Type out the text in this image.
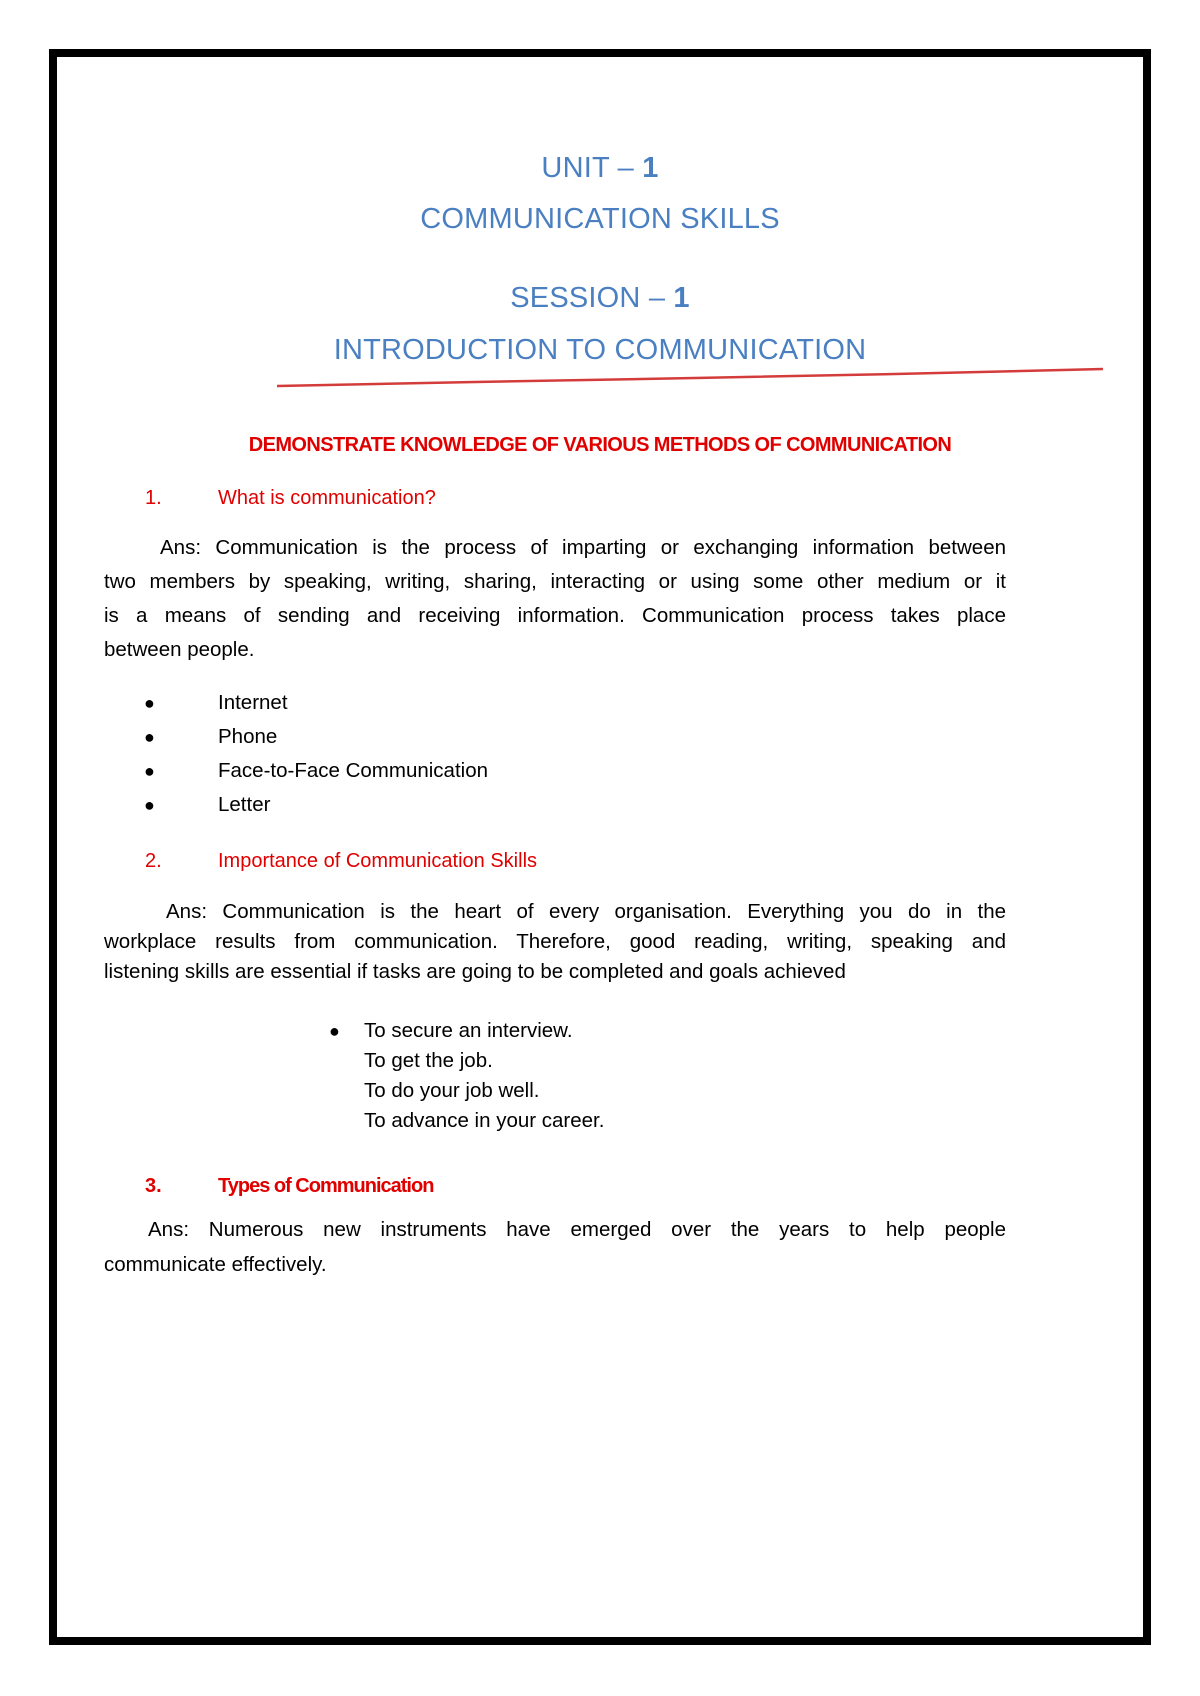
UNIT – 1
COMMUNICATION SKILLS
SESSION – 1
INTRODUCTION TO COMMUNICATION
DEMONSTRATE KNOWLEDGE OF VARIOUS METHODS OF COMMUNICATION
1.	What is communication?
Ans: Communication is the process of imparting or exchanging information between
two members by speaking, writing, sharing, interacting or using some other medium or it
is a means of sending and receiving information. Communication process takes place
between people.
●	Internet
●	Phone
●	Face-to-Face Communication
●	Letter
2.	Importance of Communication Skills
Ans: Communication is the heart of every organisation. Everything you do in the
workplace results from communication. Therefore, good reading, writing, speaking and
listening skills are essential if tasks are going to be completed and goals achieved
● To secure an interview.
To get the job.
To do your job well.
To advance in your career.
3.	Types of Communication
Ans: Numerous new instruments have emerged over the years to help people
communicate effectively.
